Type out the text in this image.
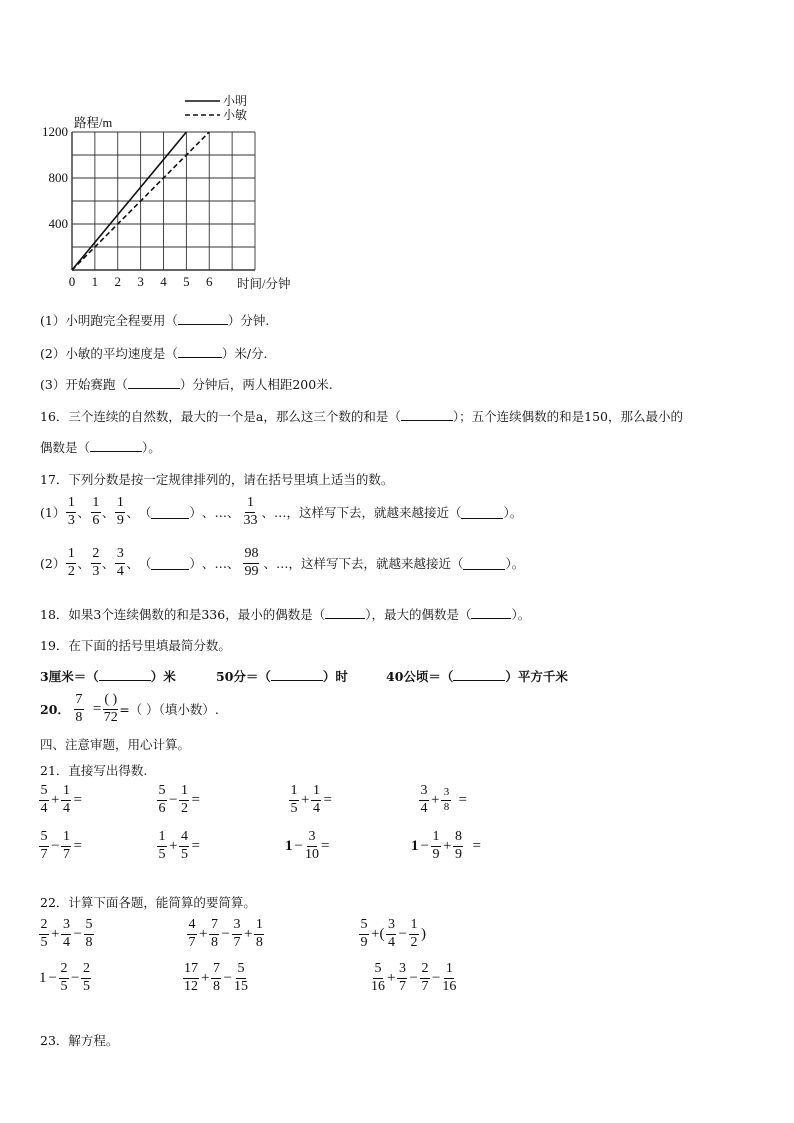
0 1 2 3 4 5 6
400
800
1200
路程/m
时间/分钟
小明
小敏
(1）小明跑完全程要用（	）分钟.
(2）小敏的平均速度是（	）米/分.
(3）开始赛跑（	）分钟后，两人相距200米.
16．三个连续的自然数，最大的一个是a，那么这三个数的和是（	）；五个连续偶数的和是150，那么最小的
偶数是（	）。
17．下列分数是按一定规律排列的，请在括号里填上适当的数。
$(1) \frac{1}{3}$ 、 $\frac{1}{6}$ 、 $\frac{1}{9}$ 、 （	） 、 … 、 $\frac{1}{33}$ 、 … ，这样写下去，就越来越接近（	）。
$(2) \frac{1}{2}$ 、 $\frac{2}{3}$ 、 $\frac{3}{4}$ 、 （	） 、 … 、 $\frac{98}{99}$ 、 … ，这样写下去，就越来越接近（	）。
18．如果3个连续偶数的和是336，最小的偶数是（	），最大的偶数是（	）。
19．在下面的括号里填最简分数。
3厘米＝（	）米	50分＝（	）时	40公顷＝（	）平方千米
20． $\frac{7}{8} = \frac{( )}{72}$ =（ ）（填小数）.
四、注意审题，用心计算。
21．直接写出得数.
$\frac{5}{4} + \frac{1}{4}$ =	$\frac{5}{6} - \frac{1}{2}$ =	$\frac{1}{5} + \frac{1}{4}$ =	$\frac{3}{4} + \frac{3}{8}$ =
$\frac{5}{7} - \frac{1}{7}$ =	$\frac{1}{5} + \frac{4}{5}$ =	$1 - \frac{3}{10}$ =	$1 - \frac{1}{9} + \frac{8}{9}$ =
22．计算下面各题，能简算的要简算。
$\frac{2}{5} + \frac{3}{4} - \frac{5}{8}$	$\frac{4}{7} + \frac{7}{8} - \frac{3}{7} + \frac{1}{8}$	$\frac{5}{9}$ +( $\frac{3}{4} - \frac{1}{2}$ )
$1 - \frac{2}{5} - \frac{2}{5}$	$\frac{17}{12} + \frac{7}{8} - \frac{5}{15}$	$\frac{5}{16} + \frac{3}{7} - \frac{2}{7} - \frac{1}{16}$
23．解方程。
